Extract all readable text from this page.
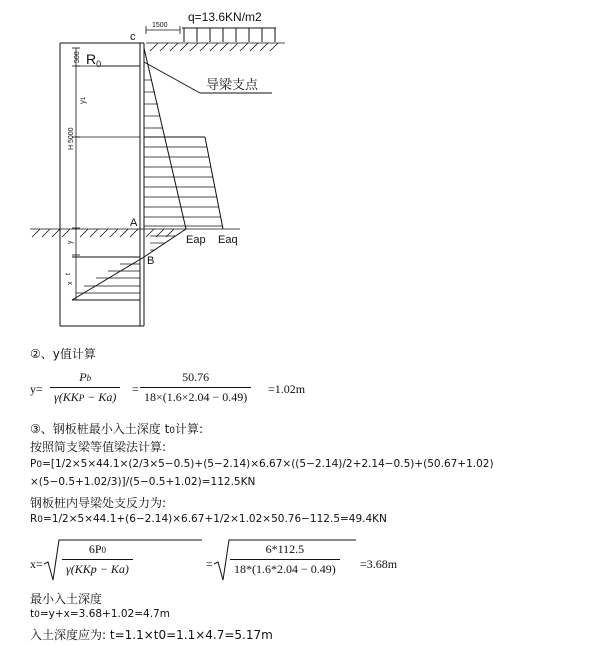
q=13.6KN/m2
1500
c
500
y1
H 5000
y
t
x
$R_0$
导梁支点
A
Eap Eaq
B
②、y值计算
y=
Pb
γ(KKP − Ka)
= $\frac{50.76}{18\times(1.6\times 2.04 - 0.49)} =1.02m$
③、钢板桩最小入土深度 t0计算:
按照简支梁等值梁法计算:
P0=[1/2×5×44.1×(2/3×5−0.5)+(5−2.14)×6.67×((5−2.14)/2+2.14−0.5)+(50.67+1.02)
×(5−0.5+1.02/3)]/(5−0.5+1.02)=112.5KN
钢板桩内导梁处支反力为:
R0=1/2×5×44.1+(6−2.14)×6.67+1/2×1.02×50.76−112.5=49.4KN
x=
6P0
γ(KKp − Ka)	= $\frac{6*112.5}{18*(1.6*2.04 - 0.49)} =3.68m$
最小入土深度
t0=y+x=3.68+1.02=4.7m
入土深度应为: t=1.1×t0=1.1×4.7=5.17m
